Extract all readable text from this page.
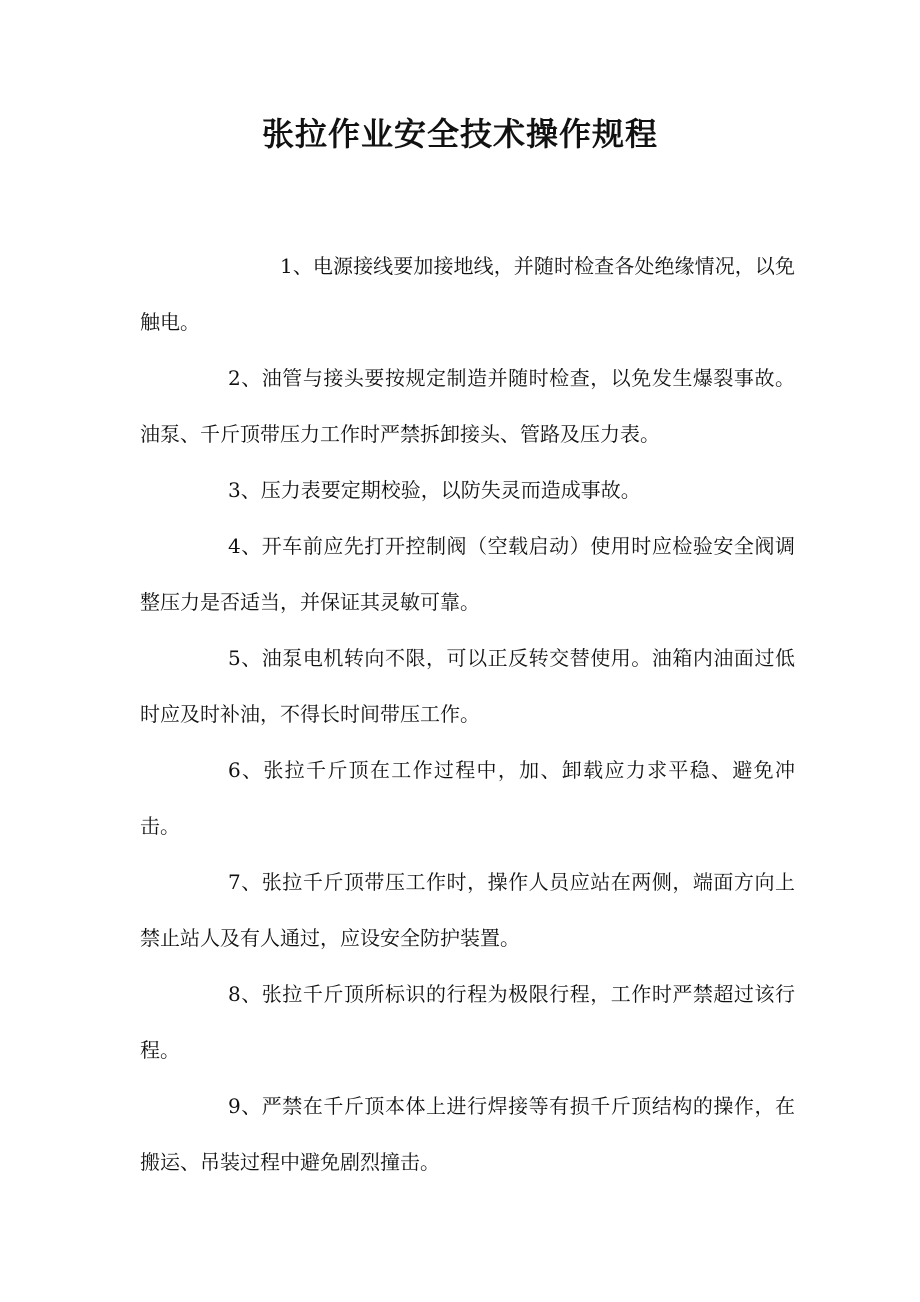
张拉作业安全技术操作规程

1、电源接线要加接地线，并随时检查各处绝缘情况，以免触电。

2、油管与接头要按规定制造并随时检查，以免发生爆裂事故。油泵、千斤顶带压力工作时严禁拆卸接头、管路及压力表。

3、压力表要定期校验，以防失灵而造成事故。

4、开车前应先打开控制阀（空载启动）使用时应检验安全阀调整压力是否适当，并保证其灵敏可靠。

5、油泵电机转向不限，可以正反转交替使用。油箱内油面过低时应及时补油，不得长时间带压工作。

6、张拉千斤顶在工作过程中，加、卸载应力求平稳、避免冲击。

7、张拉千斤顶带压工作时，操作人员应站在两侧，端面方向上禁止站人及有人通过，应设安全防护装置。

8、张拉千斤顶所标识的行程为极限行程，工作时严禁超过该行程。

9、严禁在千斤顶本体上进行焊接等有损千斤顶结构的操作，在搬运、吊装过程中避免剧烈撞击。
